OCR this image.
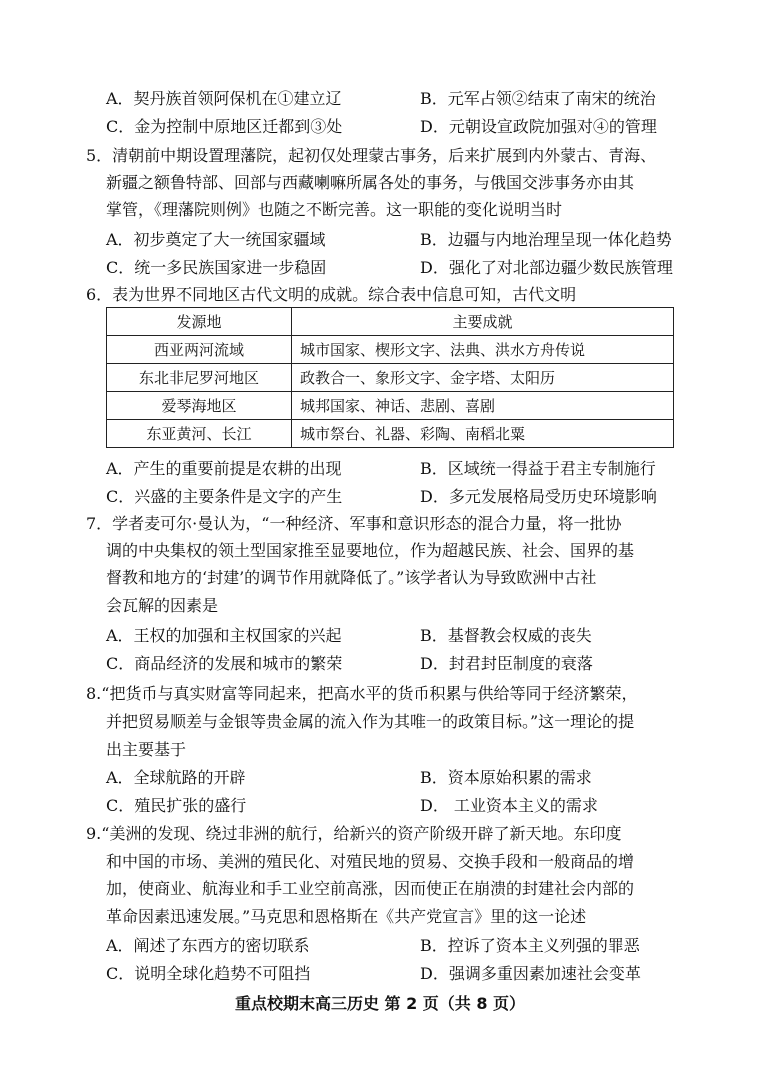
A．契丹族首领阿保机在①建立辽	B．元军占领②结束了南宋的统治
C．金为控制中原地区迁都到③处	D．元朝设宣政院加强对④的管理
5．清朝前中期设置理藩院，起初仅处理蒙古事务，后来扩展到内外蒙古、青海、
新疆之额鲁特部、回部与西藏喇嘛所属各处的事务，与俄国交涉事务亦由其
掌管，《理藩院则例》也随之不断完善。这一职能的变化说明当时
A．初步奠定了大一统国家疆域	B．边疆与内地治理呈现一体化趋势
C．统一多民族国家进一步稳固	D．强化了对北部边疆少数民族管理
6．表为世界不同地区古代文明的成就。综合表中信息可知，古代文明
发源地	主要成就
西亚两河流域	城市国家、楔形文字、法典、洪水方舟传说
东北非尼罗河地区	政教合一、象形文字、金字塔、太阳历
爱琴海地区	城邦国家、神话、悲剧、喜剧
东亚黄河、长江	城市祭台、礼器、彩陶、南稻北粟
A．产生的重要前提是农耕的出现	B．区域统一得益于君主专制施行
C．兴盛的主要条件是文字的产生	D．多元发展格局受历史环境影响
7．学者麦可尔·曼认为，“一种经济、军事和意识形态的混合力量，将一批协
调的中央集权的领土型国家推至显要地位，作为超越民族、社会、国界的基
督教和地方的‘封建’的调节作用就降低了。”该学者认为导致欧洲中古社
会瓦解的因素是
A．王权的加强和主权国家的兴起	B．基督教会权威的丧失
C．商品经济的发展和城市的繁荣	D．封君封臣制度的衰落
8.“把货币与真实财富等同起来，把高水平的货币积累与供给等同于经济繁荣，
并把贸易顺差与金银等贵金属的流入作为其唯一的政策目标。”这一理论的提
出主要基于
A．全球航路的开辟	B．资本原始积累的需求
C．殖民扩张的盛行	D． 工业资本主义的需求
9.“美洲的发现、绕过非洲的航行，给新兴的资产阶级开辟了新天地。东印度
和中国的市场、美洲的殖民化、对殖民地的贸易、交换手段和一般商品的增
加，使商业、航海业和手工业空前高涨，因而使正在崩溃的封建社会内部的
革命因素迅速发展。”马克思和恩格斯在《共产党宣言》里的这一论述
A．阐述了东西方的密切联系	B．控诉了资本主义列强的罪恶
C．说明全球化趋势不可阻挡	D．强调多重因素加速社会变革
重点校期末高三历史 第 2 页（共 8 页）
